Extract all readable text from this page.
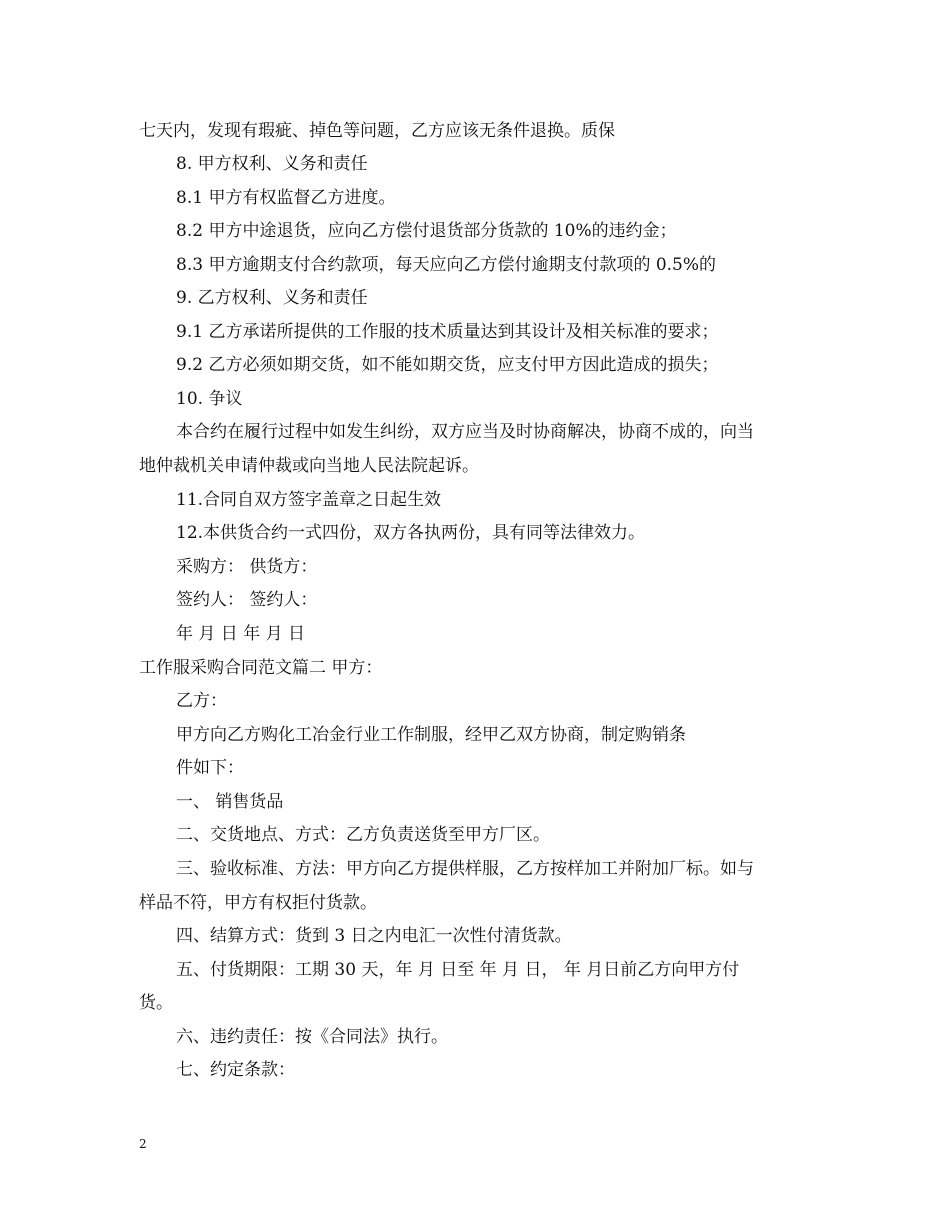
七天内，发现有瑕疵、掉色等问题，乙方应该无条件退换。质保
8. 甲方权利、义务和责任
8.1 甲方有权监督乙方进度。
8.2 甲方中途退货，应向乙方偿付退货部分货款的 10%的违约金；
8.3 甲方逾期支付合约款项，每天应向乙方偿付逾期支付款项的 0.5%的
9. 乙方权利、义务和责任
9.1 乙方承诺所提供的工作服的技术质量达到其设计及相关标准的要求；
9.2 乙方必须如期交货，如不能如期交货，应支付甲方因此造成的损失；
10. 争议
本合约在履行过程中如发生纠纷，双方应当及时协商解决，协商不成的，向当
地仲裁机关申请仲裁或向当地人民法院起诉。
11.合同自双方签字盖章之日起生效
12.本供货合约一式四份，双方各执两份，具有同等法律效力。
采购方： 供货方：
签约人： 签约人：
年 月 日 年 月 日
工作服采购合同范文篇二 甲方：
乙方：
甲方向乙方购化工冶金行业工作制服，经甲乙双方协商，制定购销条
件如下：
一、 销售货品
二、交货地点、方式：乙方负责送货至甲方厂区。
三、验收标准、方法：甲方向乙方提供样服，乙方按样加工并附加厂标。如与
样品不符，甲方有权拒付货款。
四、结算方式：货到 3 日之内电汇一次性付清货款。
五、付货期限：工期 30 天，年 月 日至 年 月 日， 年 月日前乙方向甲方付
货。
六、违约责任：按《合同法》执行。
七、约定条款：
2
